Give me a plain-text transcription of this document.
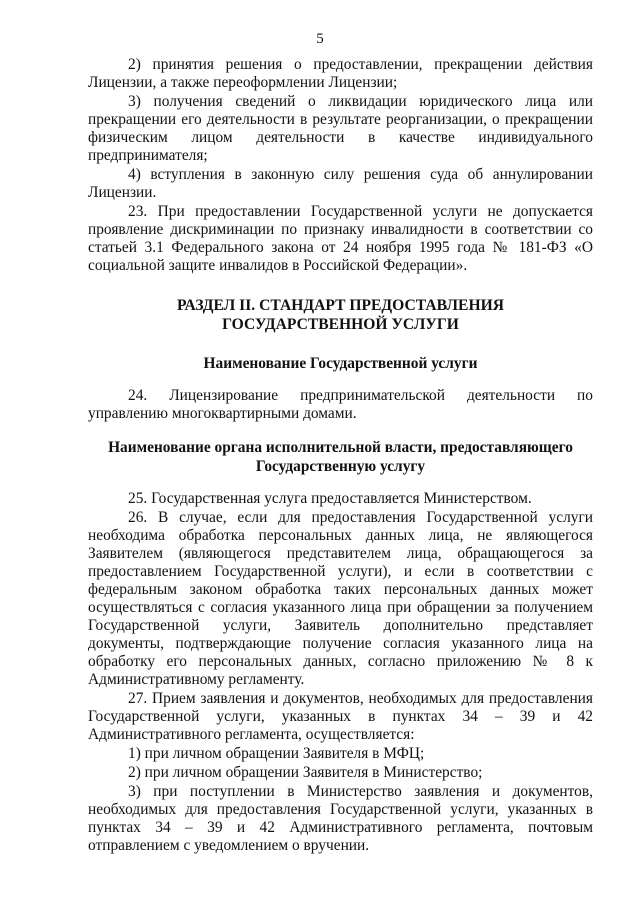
5

2) принятия решения о предоставлении, прекращении действия Лицензии, а также переоформлении Лицензии;

3) получения сведений о ликвидации юридического лица или прекращении его деятельности в результате реорганизации, о прекращении физическим лицом деятельности в качестве индивидуального предпринимателя;

4) вступления в законную силу решения суда об аннулировании Лицензии.

23. При предоставлении Государственной услуги не допускается проявление дискриминации по признаку инвалидности в соответствии со статьей 3.1 Федерального закона от 24 ноября 1995 года № 181-ФЗ «О социальной защите инвалидов в Российской Федерации».

РАЗДЕЛ II. СТАНДАРТ ПРЕДОСТАВЛЕНИЯ

ГОСУДАРСТВЕННОЙ УСЛУГИ

Наименование Государственной услуги

24. Лицензирование предпринимательской деятельности по управлению многоквартирными домами.

Наименование органа исполнительной власти, предоставляющего

Государственную услугу

25. Государственная услуга предоставляется Министерством.

26. В случае, если для предоставления Государственной услуги необходима обработка персональных данных лица, не являющегося Заявителем (являющегося представителем лица, обращающегося за предоставлением Государственной услуги), и если в соответствии с федеральным законом обработка таких персональных данных может осуществляться с согласия указанного лица при обращении за получением Государственной услуги, Заявитель дополнительно представляет документы, подтверждающие получение согласия указанного лица на обработку его персональных данных, согласно приложению № 8 к Административному регламенту.

27. Прием заявления и документов, необходимых для предоставления Государственной услуги, указанных в пунктах 34 – 39 и 42 Административного регламента, осуществляется:

1) при личном обращении Заявителя в МФЦ;

2) при личном обращении Заявителя в Министерство;

3) при поступлении в Министерство заявления и документов, необходимых для предоставления Государственной услуги, указанных в пунктах 34 – 39 и 42 Административного регламента, почтовым отправлением с уведомлением о вручении.
